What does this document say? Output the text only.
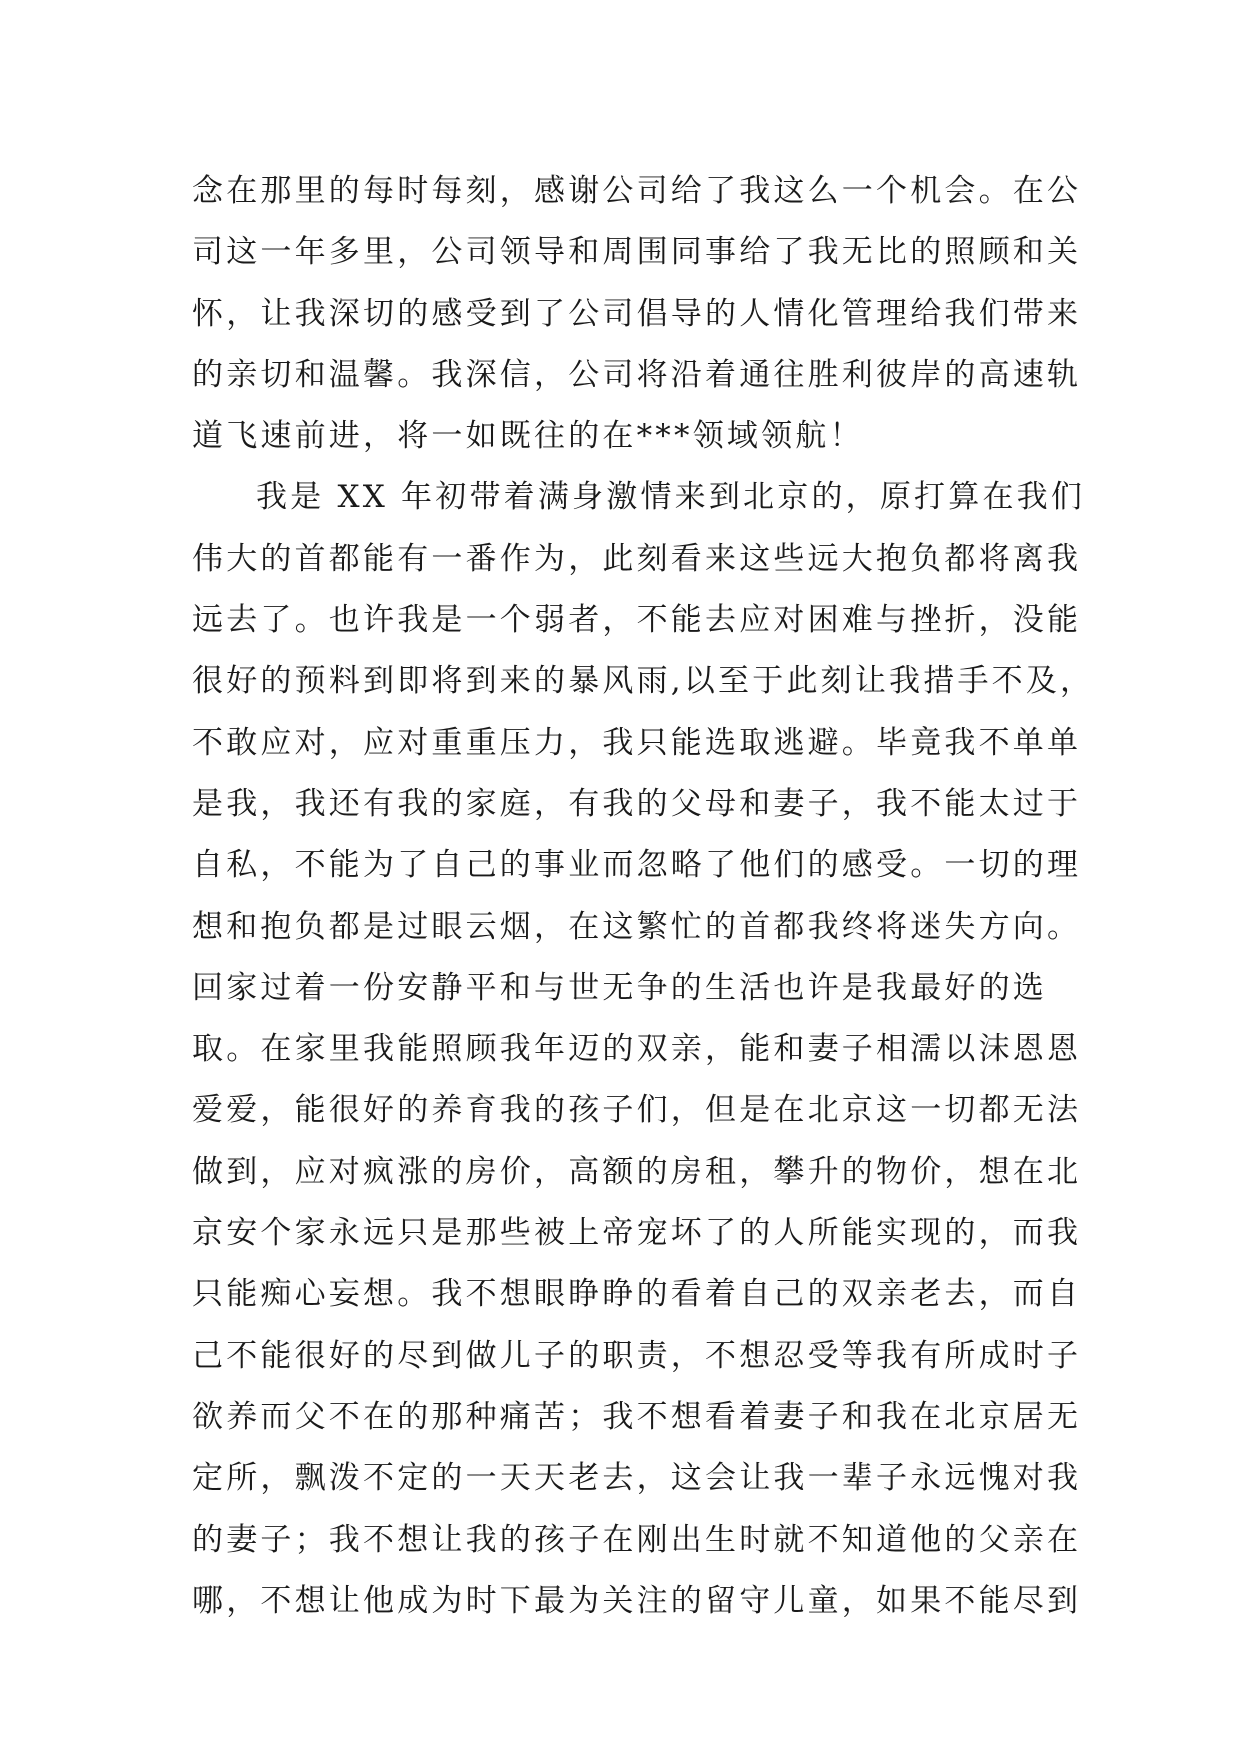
念在那里的每时每刻，感谢公司给了我这么一个机会。在公
司这一年多里，公司领导和周围同事给了我无比的照顾和关
怀，让我深切的感受到了公司倡导的人情化管理给我们带来
的亲切和温馨。我深信，公司将沿着通往胜利彼岸的高速轨
道飞速前进，将一如既往的在***领域领航！
我是 XX 年初带着满身激情来到北京的，原打算在我们
伟大的首都能有一番作为，此刻看来这些远大抱负都将离我
远去了。也许我是一个弱者，不能去应对困难与挫折，没能
很好的预料到即将到来的暴风雨,以至于此刻让我措手不及，
不敢应对，应对重重压力，我只能选取逃避。毕竟我不单单
是我，我还有我的家庭，有我的父母和妻子，我不能太过于
自私，不能为了自己的事业而忽略了他们的感受。一切的理
想和抱负都是过眼云烟，在这繁忙的首都我终将迷失方向。
回家过着一份安静平和与世无争的生活也许是我最好的选
取。在家里我能照顾我年迈的双亲，能和妻子相濡以沫恩恩
爱爱，能很好的养育我的孩子们，但是在北京这一切都无法
做到，应对疯涨的房价，高额的房租，攀升的物价，想在北
京安个家永远只是那些被上帝宠坏了的人所能实现的，而我
只能痴心妄想。我不想眼睁睁的看着自己的双亲老去，而自
己不能很好的尽到做儿子的职责，不想忍受等我有所成时子
欲养而父不在的那种痛苦；我不想看着妻子和我在北京居无
定所，飘泼不定的一天天老去，这会让我一辈子永远愧对我
的妻子；我不想让我的孩子在刚出生时就不知道他的父亲在
哪，不想让他成为时下最为关注的留守儿童，如果不能尽到
